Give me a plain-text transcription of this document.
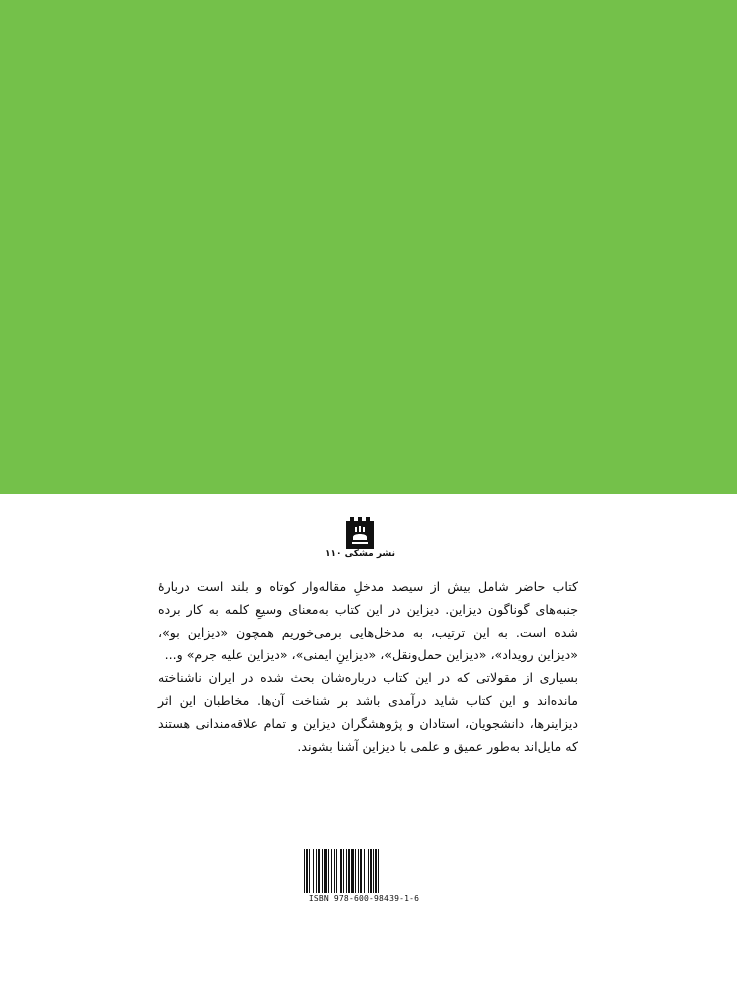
نشر مشکی ۱۱۰

کتاب حاضر شامل بیش از سیصد مدخلِ مقاله‌وار کوتاه و بلند است دربارهٔ جنبه‌های گوناگون دیزاین. دیزاین در این کتاب به‌معنای وسیعِ کلمه به کار برده شده است. به این ترتیب، به مدخل‌هایی برمی‌خوریم همچون «دیزاین بو»، «دیزاین رویداد»، «دیزاین حمل‌ونقل»، «دیزاینِ ایمنی»، «دیزاین علیه جرم» و...

بسیاری از مقولاتی که در این کتاب درباره‌شان بحث شده در ایران ناشناخته مانده‌اند و این کتاب شاید درآمدی باشد بر شناخت آن‌ها. مخاطبان این اثر دیزاینرها، دانشجویان، استادان و پژوهشگران دیزاین و تمام علاقه‌مندانی هستند که مایل‌اند به‌طور عمیق و علمی با دیزاین آشنا بشوند.

ISBN 978-600-98439-1-6
